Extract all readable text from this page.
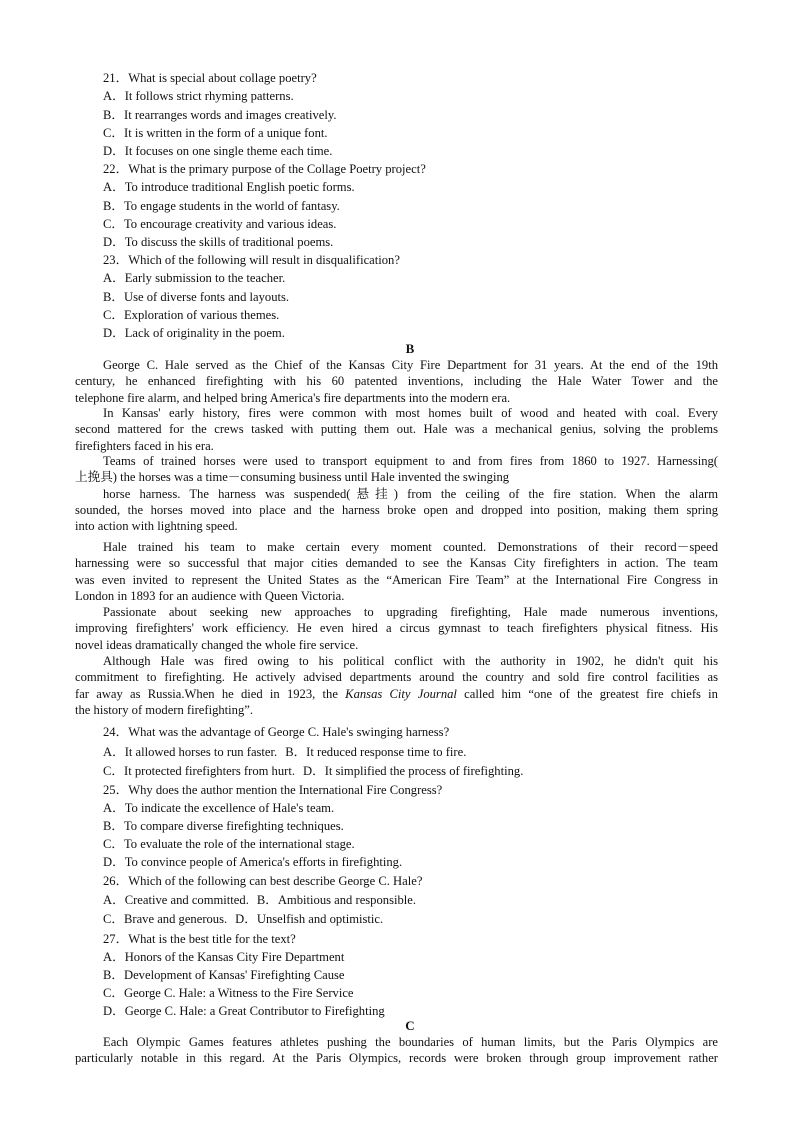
21．What is special about collage poetry?
A．It follows strict rhyming patterns.
B．It rearranges words and images creatively.
C．It is written in the form of a unique font.
D．It focuses on one single theme each time.
22．What is the primary purpose of the Collage Poetry project?
A．To introduce traditional English poetic forms.
B．To engage students in the world of fantasy.
C．To encourage creativity and various ideas.
D．To discuss the skills of traditional poems.
23．Which of the following will result in disqualification?
A．Early submission to the teacher.
B．Use of diverse fonts and layouts.
C．Exploration of various themes.
D．Lack of originality in the poem.
B
George C. Hale served as the Chief of the Kansas City Fire Department for 31 years. At the end of the 19th
century, he enhanced firefighting with his 60 patented inventions, including the Hale Water Tower and the
telephone fire alarm, and helped bring America's fire departments into the modern era.
In Kansas' early history, fires were common with most homes built of wood and heated with coal. Every
second mattered for the crews tasked with putting them out. Hale was a mechanical genius, solving the problems
firefighters faced in his era.
Teams of trained horses were used to transport equipment to and from fires from 1860 to 1927. Harnessing(
上挽具) the horses was a time－consuming business until Hale invented the swinging
horse harness. The harness was suspended(悬挂) from the ceiling of the fire station. When the alarm
sounded, the horses moved into place and the harness broke open and dropped into position, making them spring
into action with lightning speed.
Hale trained his team to make certain every moment counted. Demonstrations of their record－speed
harnessing were so successful that major cities demanded to see the Kansas City firefighters in action. The team
was even invited to represent the United States as the “American Fire Team” at the International Fire Congress in
London in 1893 for an audience with Queen Victoria.
Passionate about seeking new approaches to upgrading firefighting, Hale made numerous inventions,
improving firefighters' work efficiency. He even hired a circus gymnast to teach firefighters physical fitness. His
novel ideas dramatically changed the whole fire service.
Although Hale was fired owing to his political conflict with the authority in 1902, he didn't quit his
commitment to firefighting. He actively advised departments around the country and sold fire control facilities as
far away as Russia.When he died in 1923, the Kansas City Journal called him “one of the greatest fire chiefs in
the history of modern firefighting”.
24．What was the advantage of George C. Hale's swinging harness?
A．It allowed horses to run faster. B．It reduced response time to fire.
C．It protected firefighters from hurt. D．It simplified the process of firefighting.
25．Why does the author mention the International Fire Congress?
A．To indicate the excellence of Hale's team.
B．To compare diverse firefighting techniques.
C．To evaluate the role of the international stage.
D．To convince people of America's efforts in firefighting.
26．Which of the following can best describe George C. Hale?
A．Creative and committed. B．Ambitious and responsible.
C．Brave and generous. D．Unselfish and optimistic.
27．What is the best title for the text?
A．Honors of the Kansas City Fire Department
B．Development of Kansas' Firefighting Cause
C．George C. Hale: a Witness to the Fire Service
D．George C. Hale: a Great Contributor to Firefighting
C
Each Olympic Games features athletes pushing the boundaries of human limits, but the Paris Olympics are
particularly notable in this regard. At the Paris Olympics, records were broken through group improvement rather
